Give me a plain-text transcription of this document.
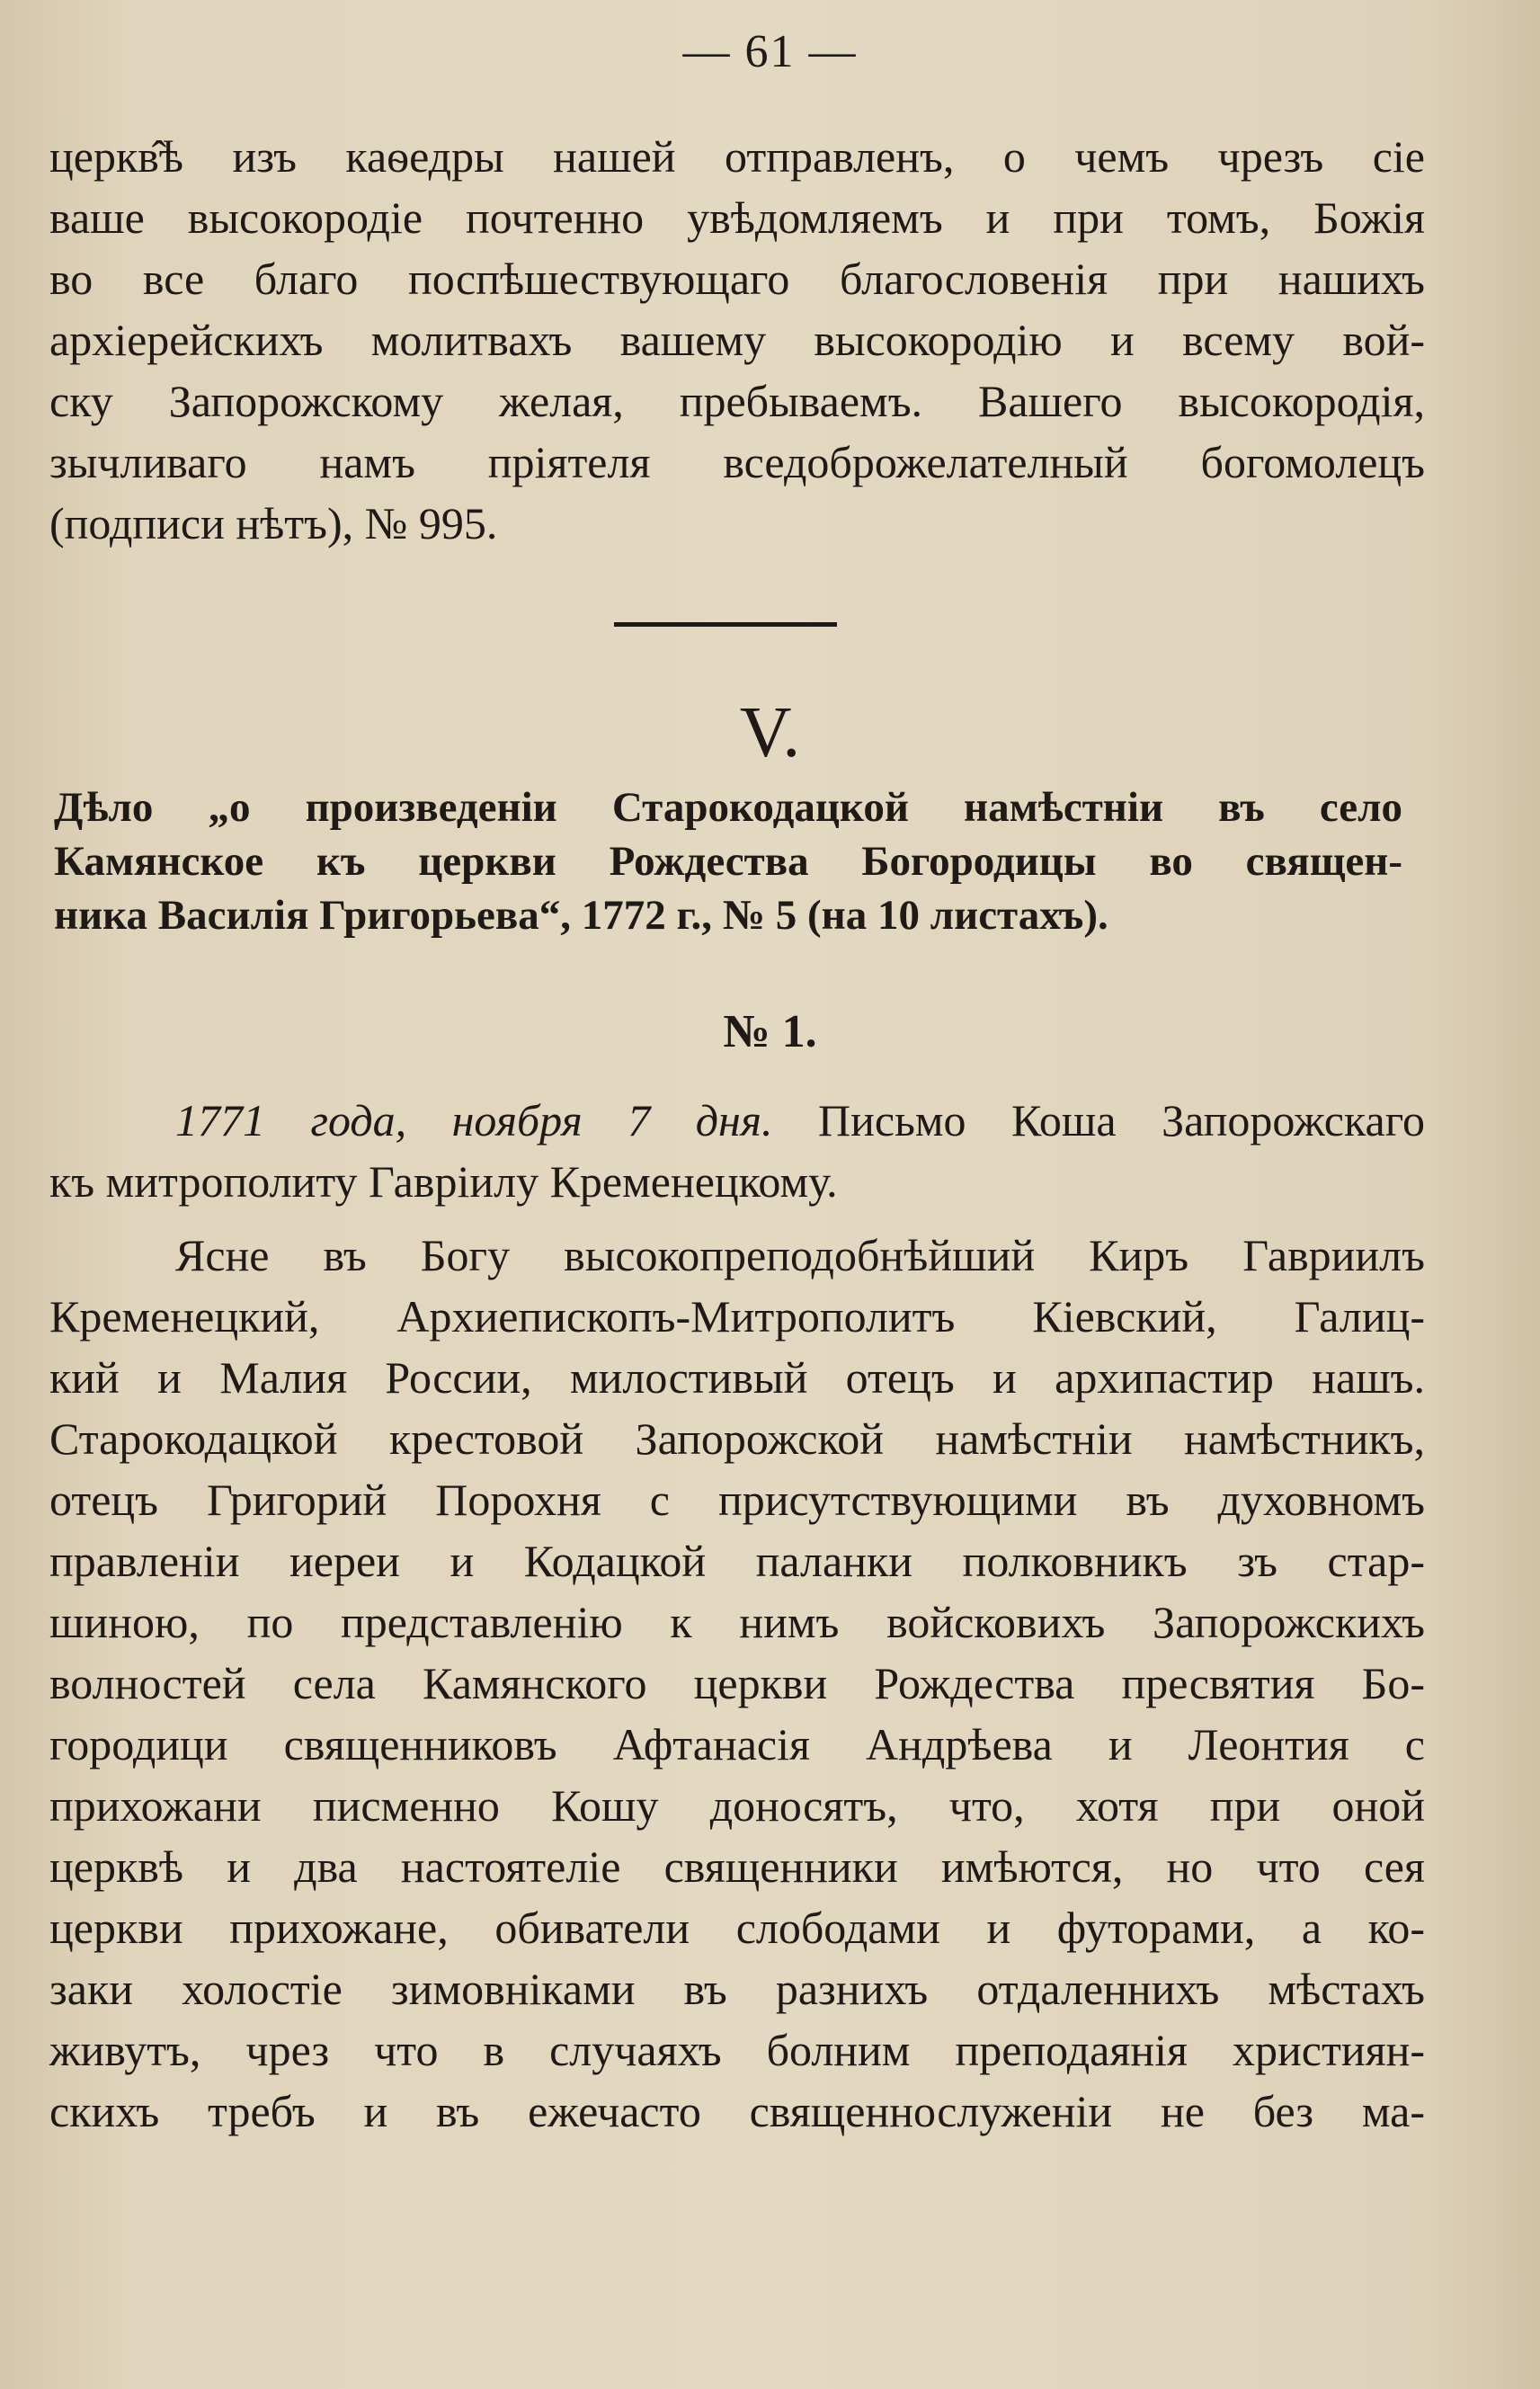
— 61 —
церкв̂ѣ изъ каѳедры нашей отправленъ, о чемъ чрезъ сіе
ваше высокородіе почтенно увѣдомляемъ и при томъ, Божія
во все благо поспѣшествующаго благословенія при нашихъ
архіерейскихъ молитвахъ вашему высокородію и всему вой-
ску Запорожскому желая, пребываемъ. Вашего высокородія,
зычливаго намъ пріятеля вседоброжелателный богомолецъ
(подписи нѣтъ), № 995.
V.
Дѣло „о произведеніи Старокодацкой намѣстніи въ село
Камянское къ церкви Рождества Богородицы во священ-
ника Василія Григорьева“, 1772 г., № 5 (на 10 листахъ).
№ 1.
1771 года, ноября 7 дня. Письмо Коша Запорожскаго
къ митрополиту Гавріилу Кременецкому.
Ясне въ Богу высокопреподобнѣйший Киръ Гавриилъ
Кременецкий, Архиепископъ-Митрополитъ Кіевский, Галиц-
кий и Малия России, милостивый отецъ и архипастир нашъ.
Старокодацкой крестовой Запорожской намѣстніи намѣстникъ,
отецъ Григорий Порохня с присутствующими въ духовномъ
правленіи иереи и Кодацкой паланки полковникъ зъ стар-
шиною, по представленію к нимъ войсковихъ Запорожскихъ
волностей села Камянского церкви Рождества пресвятия Бо-
городици священниковъ Афтанасія Андрѣева и Леонтия с
прихожани писменно Кошу доносятъ, что, хотя при оной
церквѣ и два настоятеліе священники имѣются, но что сея
церкви прихожане, обиватели слободами и футорами, а ко-
заки холостіе зимовніками въ разнихъ отдаленнихъ мѣстахъ
живутъ, чрез что в случаяхъ болним преподаянія християн-
скихъ требъ и въ ежечасто священнослуженіи не без ма-
